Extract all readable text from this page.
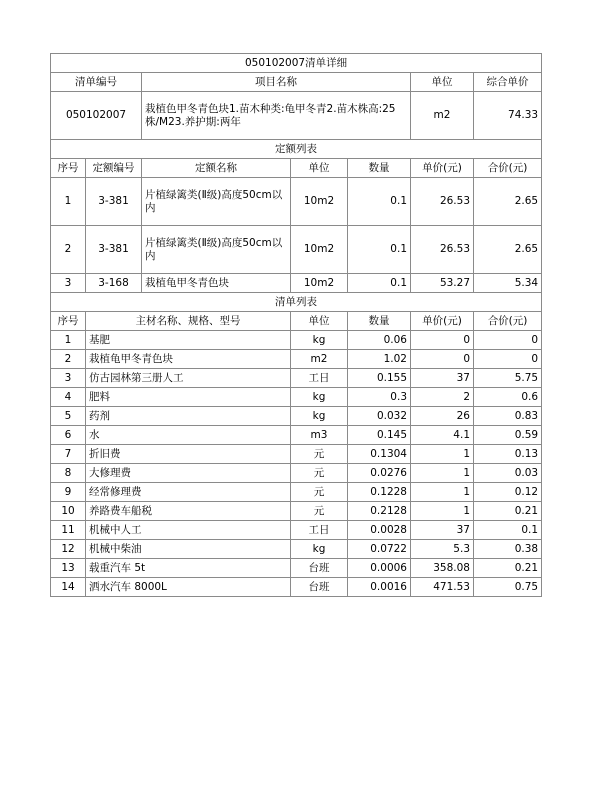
050102007清单详细						
清单编号		项目名称			单位	综合单价
050102007		栽植色甲冬青色块1.苗木种类:龟甲冬青2.苗木株高:25株/M23.养护期:两年			m2	74.33
定额列表						
序号	定额编号	定额名称	单位	数量	单价(元)	合价(元)
1	3-381	片植绿篱类(Ⅱ级)高度50cm以内	10m2	0.1	26.53	2.65
2	3-381	片植绿篱类(Ⅱ级)高度50cm以内	10m2	0.1	26.53	2.65
3	3-168	栽植龟甲冬青色块	10m2	0.1	53.27	5.34
清单列表						
序号	主材名称、规格、型号		单位	数量	单价(元)	合价(元)
1	基肥		kg	0.06	0	0
2	栽植龟甲冬青色块		m2	1.02	0	0
3	仿古园林第三册人工		工日	0.155	37	5.75
4	肥料		kg	0.3	2	0.6
5	药剂		kg	0.032	26	0.83
6	水		m3	0.145	4.1	0.59
7	折旧费		元	0.1304	1	0.13
8	大修理费		元	0.0276	1	0.03
9	经常修理费		元	0.1228	1	0.12
10	养路费车船税		元	0.2128	1	0.21
11	机械中人工		工日	0.0028	37	0.1
12	机械中柴油		kg	0.0722	5.3	0.38
13	载重汽车 5t		台班	0.0006	358.08	0.21
14	洒水汽车 8000L		台班	0.0016	471.53	0.75
